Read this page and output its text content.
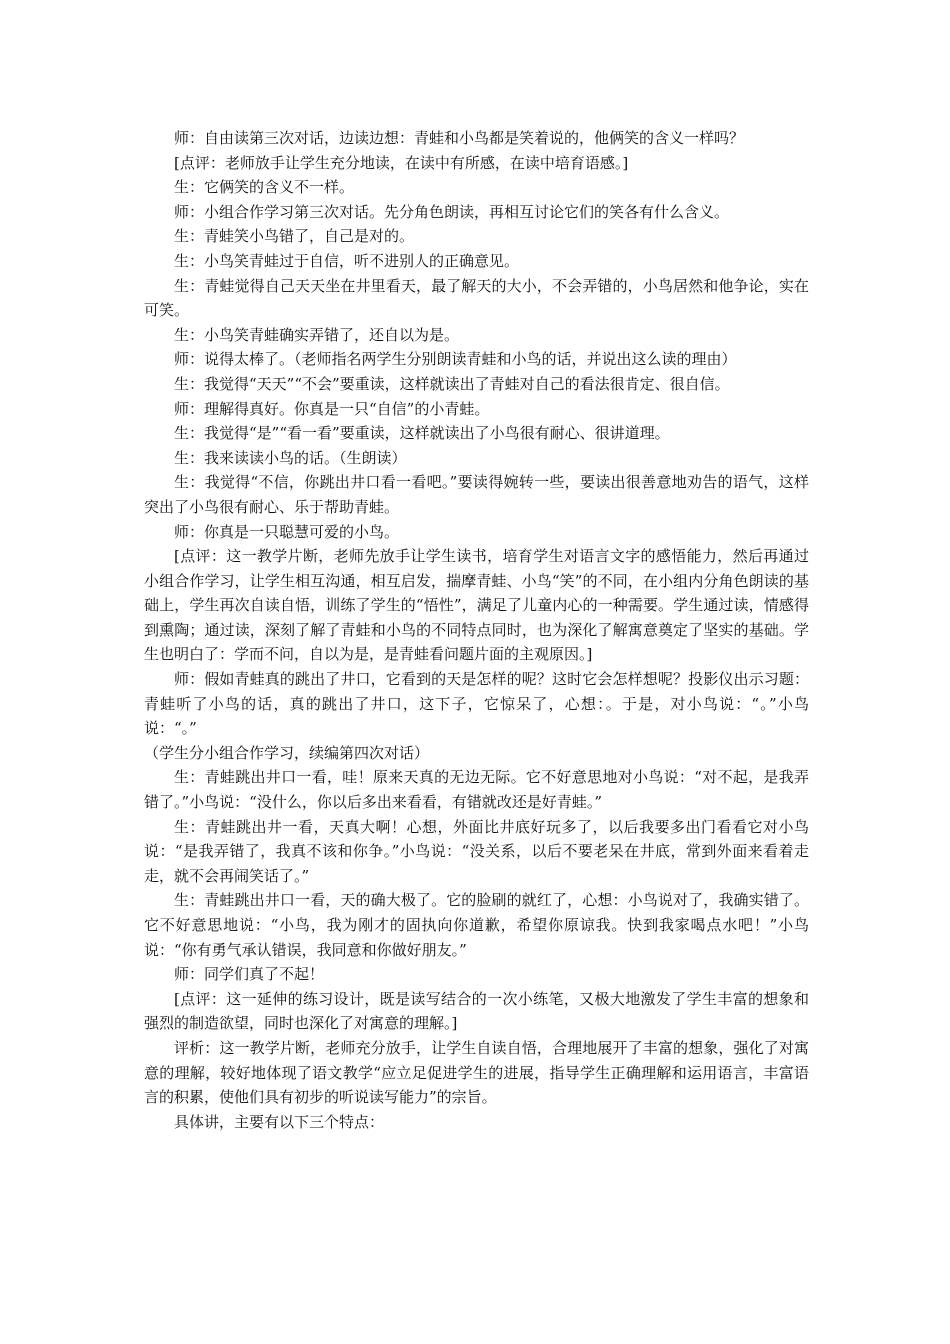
师：自由读第三次对话，边读边想：青蛙和小鸟都是笑着说的，他俩笑的含义一样吗？

[点评：老师放手让学生充分地读，在读中有所感，在读中培育语感。]

生：它俩笑的含义不一样。

师：小组合作学习第三次对话。先分角色朗读，再相互讨论它们的笑各有什么含义。

生：青蛙笑小鸟错了，自己是对的。

生：小鸟笑青蛙过于自信，听不进别人的正确意见。

生：青蛙觉得自己天天坐在井里看天，最了解天的大小，不会弄错的，小鸟居然和他争论，实在可笑。

生：小鸟笑青蛙确实弄错了，还自以为是。

师：说得太棒了。（老师指名两学生分别朗读青蛙和小鸟的话，并说出这么读的理由）

生：我觉得“天天”“不会”要重读，这样就读出了青蛙对自己的看法很肯定、很自信。

师：理解得真好。你真是一只“自信”的小青蛙。

生：我觉得“是”“看一看”要重读，这样就读出了小鸟很有耐心、很讲道理。

生：我来读读小鸟的话。（生朗读）

生：我觉得“不信，你跳出井口看一看吧。”要读得婉转一些，要读出很善意地劝告的语气，这样突出了小鸟很有耐心、乐于帮助青蛙。

师：你真是一只聪慧可爱的小鸟。

[点评：这一教学片断，老师先放手让学生读书，培育学生对语言文字的感悟能力，然后再通过小组合作学习，让学生相互沟通，相互启发，揣摩青蛙、小鸟“笑”的不同，在小组内分角色朗读的基础上，学生再次自读自悟，训练了学生的“悟性”，满足了儿童内心的一种需要。学生通过读，情感得到熏陶；通过读，深刻了解了青蛙和小鸟的不同特点同时，也为深化了解寓意奠定了坚实的基础。学生也明白了：学而不问，自以为是，是青蛙看问题片面的主观原因。]

师：假如青蛙真的跳出了井口，它看到的天是怎样的呢？这时它会怎样想呢？投影仪出示习题：青蛙听了小鸟的话，真的跳出了井口，这下子，它惊呆了，心想：。于是，对小鸟说：“。”小鸟说：“。”

（学生分小组合作学习，续编第四次对话）

生：青蛙跳出井口一看，哇！原来天真的无边无际。它不好意思地对小鸟说：“对不起，是我弄错了。”小鸟说：“没什么，你以后多出来看看，有错就改还是好青蛙。”

生：青蛙跳出井一看，天真大啊！心想，外面比井底好玩多了，以后我要多出门看看它对小鸟说：“是我弄错了，我真不该和你争。”小鸟说：“没关系，以后不要老呆在井底，常到外面来看着走走，就不会再闹笑话了。”

生：青蛙跳出井口一看，天的确大极了。它的脸刷的就红了，心想：小鸟说对了，我确实错了。它不好意思地说：“小鸟，我为刚才的固执向你道歉，希望你原谅我。快到我家喝点水吧！”小鸟说：“你有勇气承认错误，我同意和你做好朋友。”

师：同学们真了不起！

[点评：这一延伸的练习设计，既是读写结合的一次小练笔，又极大地激发了学生丰富的想象和强烈的制造欲望，同时也深化了对寓意的理解。]

评析：这一教学片断，老师充分放手，让学生自读自悟，合理地展开了丰富的想象，强化了对寓意的理解，较好地体现了语文教学“应立足促进学生的进展，指导学生正确理解和运用语言，丰富语言的积累，使他们具有初步的听说读写能力”的宗旨。

具体讲，主要有以下三个特点：
